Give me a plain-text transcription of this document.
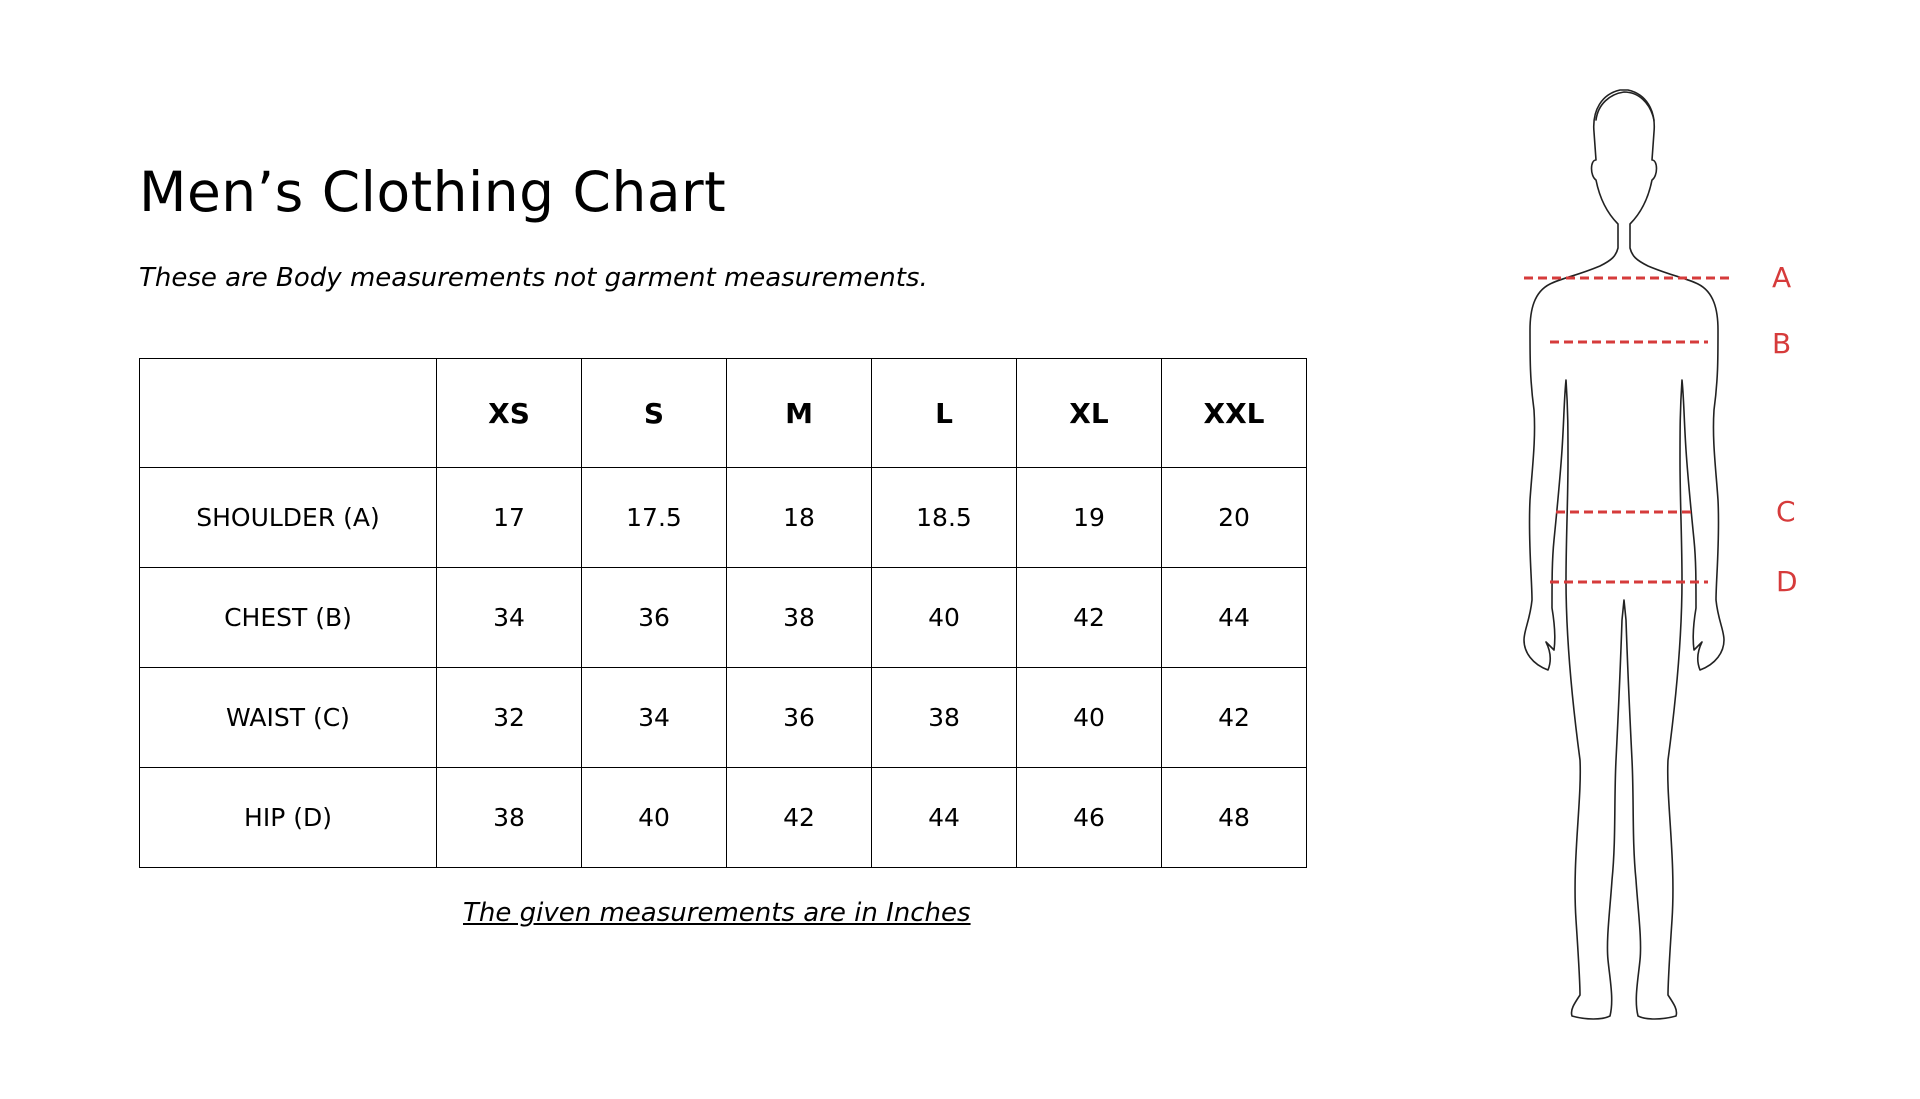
Men’s Clothing Chart
These are Body measurements not garment measurements.
	XS	S	M	L	XL	XXL
SHOULDER (A)	17	17.5	18	18.5	19	20
CHEST (B)	34	36	38	40	42	44
WAIST (C)	32	34	36	38	40	42
HIP (D)	38	40	42	44	46	48
The given measurements are in Inches
A
B
C
D
